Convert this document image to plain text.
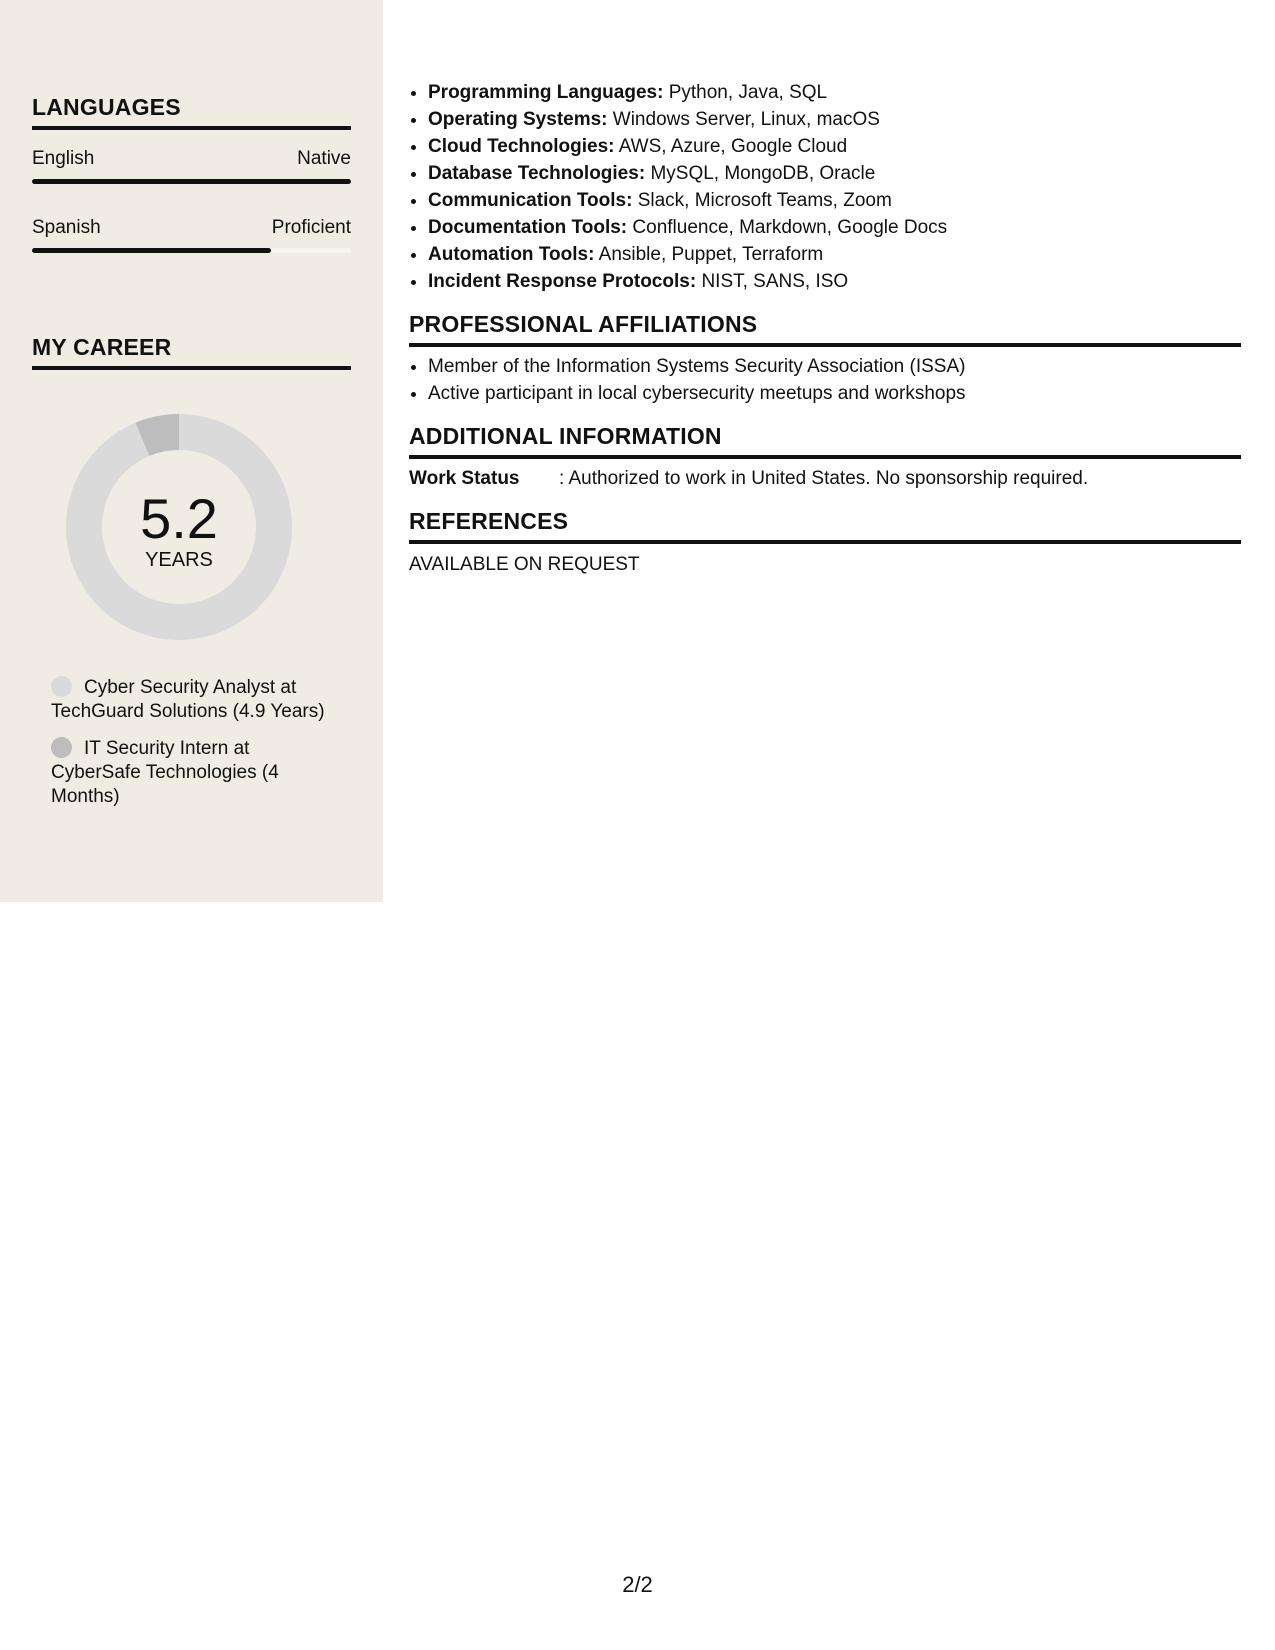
LANGUAGES
English	Native
Spanish	Proficient
MY CAREER
5.2
YEARS
Cyber Security Analyst at TechGuard Solutions (4.9 Years)
IT Security Intern at CyberSafe Technologies (4 Months)
• Programming Languages: Python, Java, SQL
• Operating Systems: Windows Server, Linux, macOS
• Cloud Technologies: AWS, Azure, Google Cloud
• Database Technologies: MySQL, MongoDB, Oracle
• Communication Tools: Slack, Microsoft Teams, Zoom
• Documentation Tools: Confluence, Markdown, Google Docs
• Automation Tools: Ansible, Puppet, Terraform
• Incident Response Protocols: NIST, SANS, ISO
PROFESSIONAL AFFILIATIONS
• Member of the Information Systems Security Association (ISSA)
• Active participant in local cybersecurity meetups and workshops
ADDITIONAL INFORMATION
Work Status	: Authorized to work in United States. No sponsorship required.
REFERENCES
AVAILABLE ON REQUEST
2/2
